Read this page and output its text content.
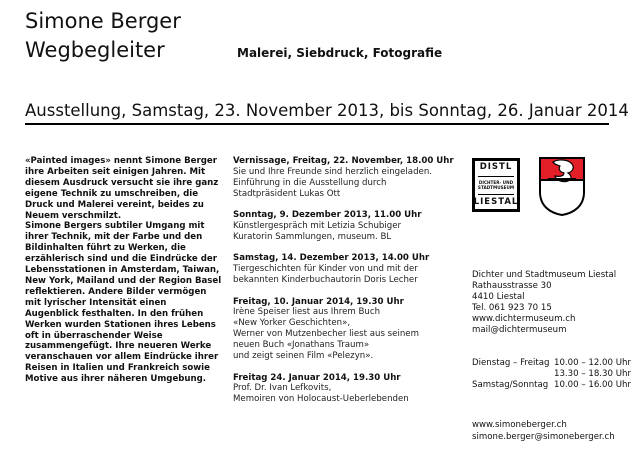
Simone Berger
Wegbegleiter	Malerei, Siebdruck, Fotografie
Ausstellung, Samstag, 23. November 2013, bis Sonntag, 26. Januar 2014

«Painted images» nennt Simone Berger ihre Arbeiten seit einigen Jahren. Mit diesem Ausdruck versucht sie ihre ganz eigene Technik zu umschreiben, die Druck und Malerei vereint, beides zu Neuem verschmilzt.

Simone Bergers subtiler Umgang mit ihrer Technik, mit der Farbe und den Bildinhalten führt zu Werken, die erzählerisch sind und die Eindrücke der Lebensstationen in Amsterdam, Taiwan, New York, Mailand und der Region Basel reflektieren. Andere Bilder vermögen mit lyrischer Intensität einen Augenblick festhalten. In den frühen Werken wurden Stationen ihres Lebens oft in überraschender Weise zusammengefügt. Ihre neueren Werke veranschauen vor allem Eindrücke ihrer Reisen in Italien und Frankreich sowie Motive aus ihrer näheren Umgebung.

Vernissage, Freitag, 22. November, 18.00 Uhr
Sie und Ihre Freunde sind herzlich eingeladen.
Einführung in die Ausstellung durch
Stadtpräsident Lukas Ott
Sonntag, 9. Dezember 2013, 11.00 Uhr
Künstlergespräch mit Letizia Schubiger
Kuratorin Sammlungen, museum. BL
Samstag, 14. Dezember 2013, 14.00 Uhr
Tiergeschichten für Kinder von und mit der
bekannten Kinderbuchautorin Doris Lecher
Freitag, 10. Januar 2014, 19.30 Uhr
Irène Speiser liest aus Ihrem Buch
«New Yorker Geschichten»,
Werner von Mutzenbecher liest aus seinem
neuen Buch «Jonathans Traum»
und zeigt seinen Film «Pelezyn».
Freitag 24. Januar 2014, 19.30 Uhr
Prof. Dr. Ivan Lefkovits,
Memoiren von Holocaust-Ueberlebenden
DISTL
DICHTER- UND STADTMUSEUM
LIESTAL
Dichter und Stadtmuseum Liestal
Rathausstrasse 30
4410 Liestal
Tel. 061 923 70 15
www.dichtermuseum.ch
mail@dichtermuseum
Dienstag – Freitag 10.00 – 12.00 Uhr
13.30 – 18.30 Uhr
Samstag/Sonntag 10.00 – 16.00 Uhr
www.simoneberger.ch
simone.berger@simoneberger.ch
